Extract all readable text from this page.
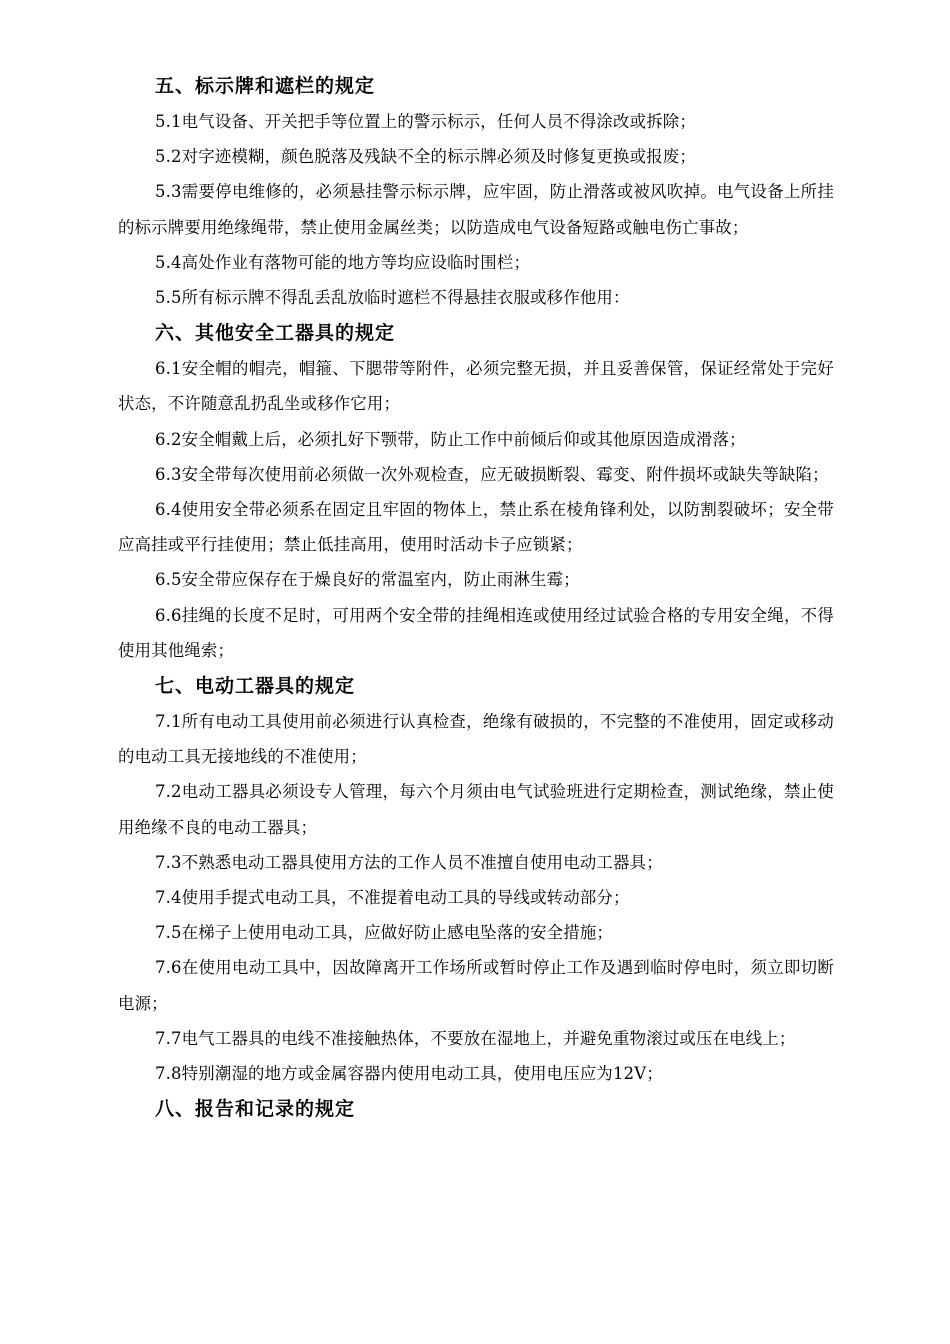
五、标示牌和遮栏的规定
5.1电气设备、开关把手等位置上的警示标示，任何人员不得涂改或拆除；
5.2对字迹模糊，颜色脱落及残缺不全的标示牌必须及时修复更换或报废；
5.3需要停电维修的，必须悬挂警示标示牌，应牢固，防止滑落或被风吹掉。电气设备上所挂的标示牌要用绝缘绳带，禁止使用金属丝类；以防造成电气设备短路或触电伤亡事故；
5.4高处作业有落物可能的地方等均应设临时围栏；
5.5所有标示牌不得乱丢乱放临时遮栏不得悬挂衣服或移作他用：
六、其他安全工器具的规定
6.1安全帽的帽壳，帽箍、下腮带等附件，必须完整无损，并且妥善保管，保证经常处于完好状态，不许随意乱扔乱坐或移作它用；
6.2安全帽戴上后，必须扎好下颚带，防止工作中前倾后仰或其他原因造成滑落；
6.3安全带每次使用前必须做一次外观检查，应无破损断裂、霉变、附件损坏或缺失等缺陷；
6.4使用安全带必须系在固定且牢固的物体上，禁止系在棱角锋利处，以防割裂破坏；安全带应高挂或平行挂使用；禁止低挂高用，使用时活动卡子应锁紧；
6.5安全带应保存在于燥良好的常温室内，防止雨淋生霉；
6.6挂绳的长度不足时，可用两个安全带的挂绳相连或使用经过试验合格的专用安全绳，不得使用其他绳索；
七、电动工器具的规定
7.1所有电动工具使用前必须进行认真检查，绝缘有破损的，不完整的不准使用，固定或移动的电动工具无接地线的不准使用；
7.2电动工器具必须设专人管理，每六个月须由电气试验班进行定期检查，测试绝缘，禁止使用绝缘不良的电动工器具；
7.3不熟悉电动工器具使用方法的工作人员不准擅自使用电动工器具；
7.4使用手提式电动工具，不准提着电动工具的导线或转动部分；
7.5在梯子上使用电动工具，应做好防止感电坠落的安全措施；
7.6在使用电动工具中，因故障离开工作场所或暂时停止工作及遇到临时停电时，须立即切断电源；
7.7电气工器具的电线不准接触热体，不要放在湿地上，并避免重物滚过或压在电线上；
7.8特别潮湿的地方或金属容器内使用电动工具，使用电压应为12V；
八、报告和记录的规定
